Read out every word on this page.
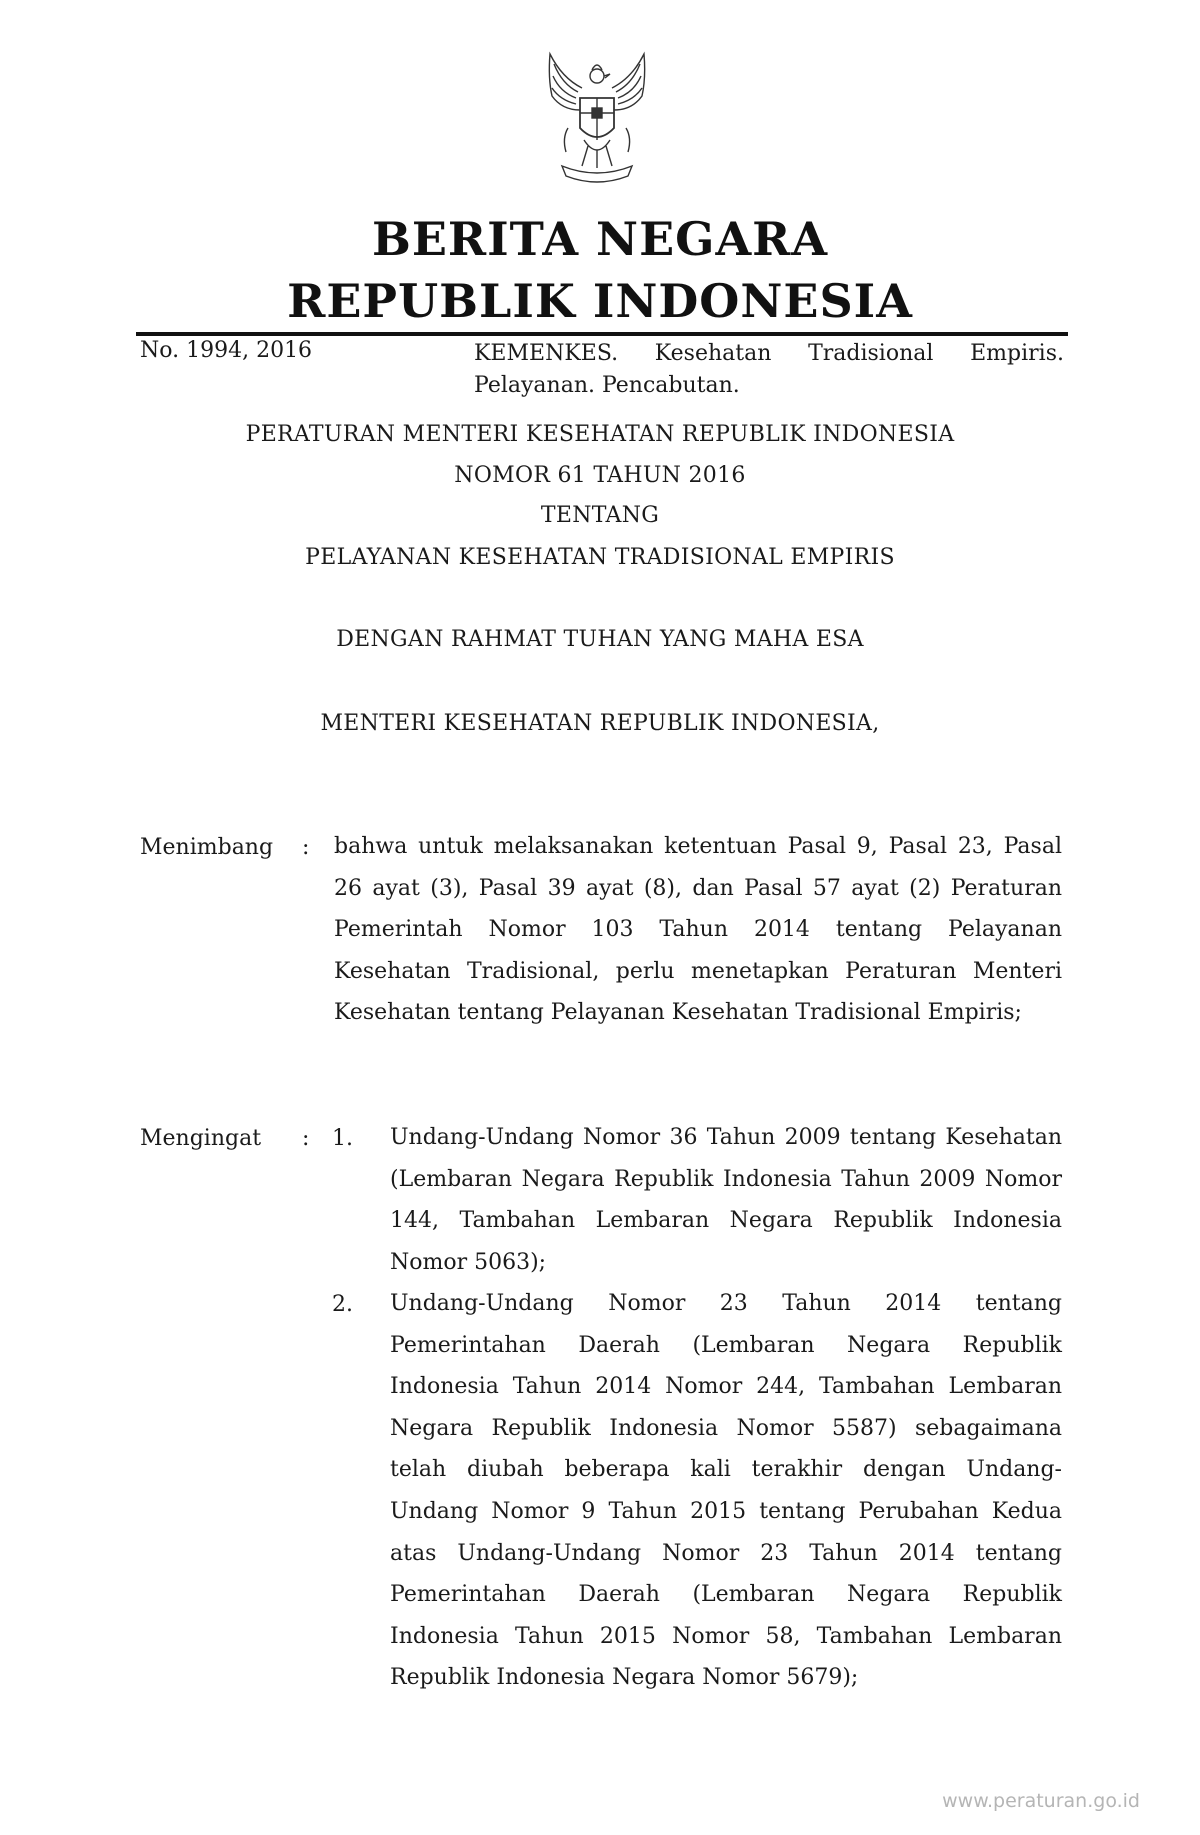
BERITA NEGARA
REPUBLIK INDONESIA
No. 1994, 2016	KEMENKES. Kesehatan Tradisional Empiris.
Pelayanan. Pencabutan.

PERATURAN MENTERI KESEHATAN REPUBLIK INDONESIA

NOMOR 61 TAHUN 2016

TENTANG

PELAYANAN KESEHATAN TRADISIONAL EMPIRIS

DENGAN RAHMAT TUHAN YANG MAHA ESA

MENTERI KESEHATAN REPUBLIK INDONESIA,

Menimbang : bahwa untuk melaksanakan ketentuan Pasal 9, Pasal 23, Pasal 26 ayat (3), Pasal 39 ayat (8), dan Pasal 57 ayat (2) Peraturan Pemerintah Nomor 103 Tahun 2014 tentang Pelayanan Kesehatan Tradisional, perlu menetapkan Peraturan Menteri Kesehatan tentang Pelayanan Kesehatan Tradisional Empiris;

Mengingat : 1. Undang-Undang Nomor 36 Tahun 2009 tentang Kesehatan (Lembaran Negara Republik Indonesia Tahun 2009 Nomor 144, Tambahan Lembaran Negara Republik Indonesia Nomor 5063);

2. Undang-Undang Nomor 23 Tahun 2014 tentang Pemerintahan Daerah (Lembaran Negara Republik Indonesia Tahun 2014 Nomor 244, Tambahan Lembaran Negara Republik Indonesia Nomor 5587) sebagaimana telah diubah beberapa kali terakhir dengan Undang-Undang Nomor 9 Tahun 2015 tentang Perubahan Kedua atas Undang-Undang Nomor 23 Tahun 2014 tentang Pemerintahan Daerah (Lembaran Negara Republik Indonesia Tahun 2015 Nomor 58, Tambahan Lembaran Republik Indonesia Negara Nomor 5679);

www.peraturan.go.id
